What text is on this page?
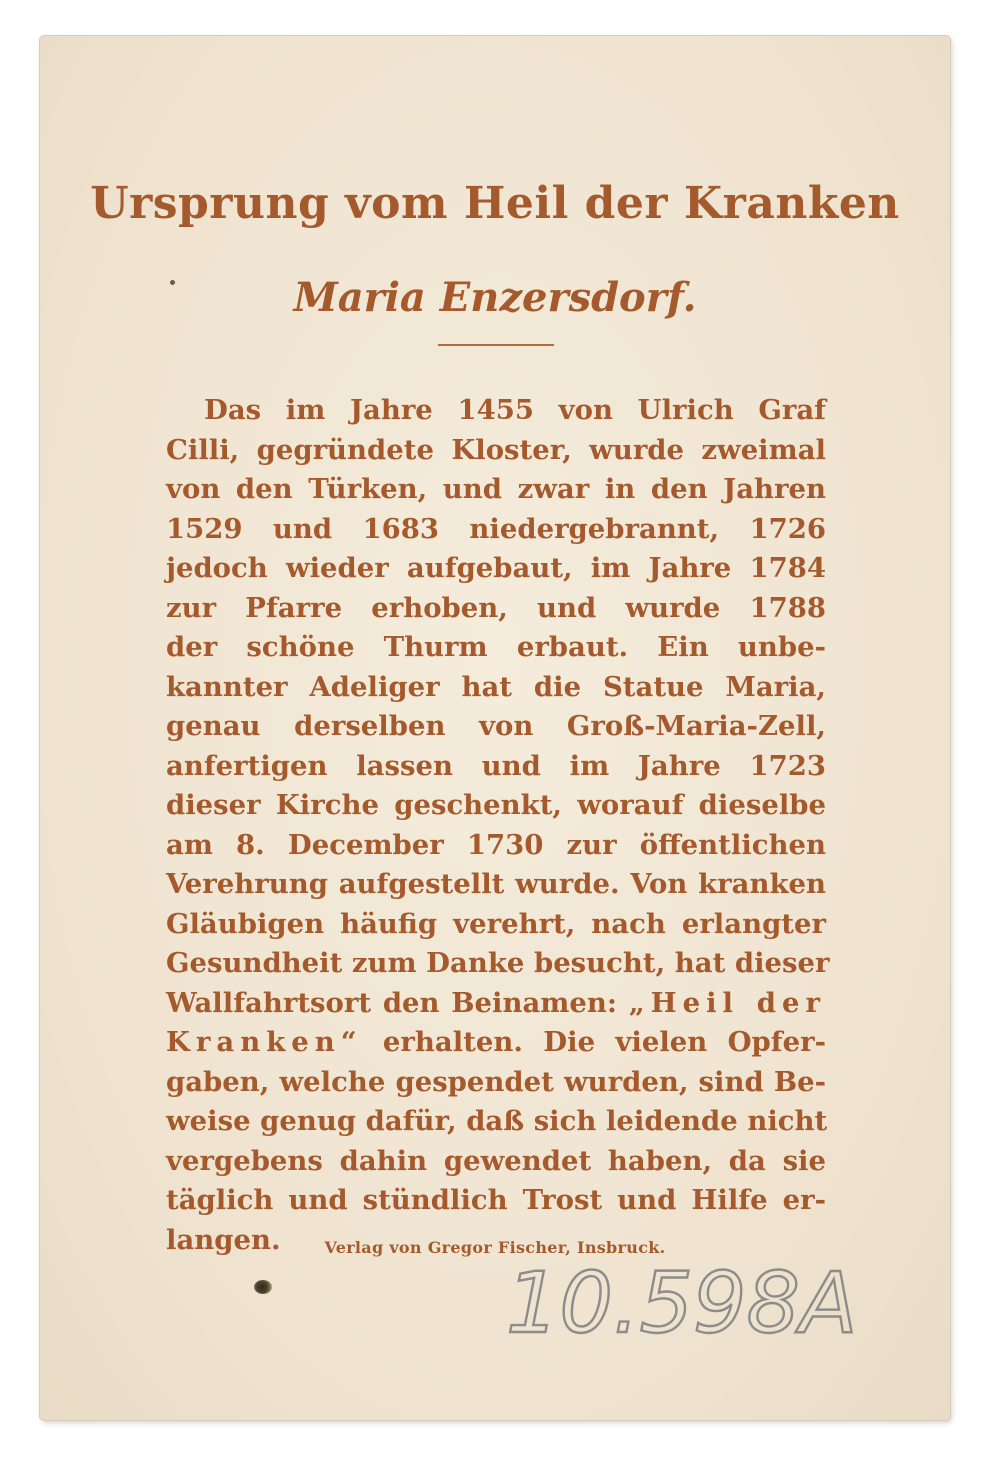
Ursprung vom Heil der Kranken
Maria Enzersdorf.
Das im Jahre 1455 von Ulrich Graf
Cilli, gegründete Kloster, wurde zweimal
von den Türken, und zwar in den Jahren
1529 und 1683 niedergebrannt, 1726
jedoch wieder aufgebaut, im Jahre 1784
zur Pfarre erhoben, und wurde 1788
der schöne Thurm erbaut. Ein unbe-
kannter Adeliger hat die Statue Maria,
genau derselben von Groß-Maria-Zell,
anfertigen lassen und im Jahre 1723
dieser Kirche geschenkt, worauf dieselbe
am 8. December 1730 zur öffentlichen
Verehrung aufgestellt wurde. Von kranken
Gläubigen häufig verehrt, nach erlangter
Gesundheit zum Danke besucht, hat dieser
Wallfahrtsort den Beinamen: „Heil der
Kranken“ erhalten. Die vielen Opfer-
gaben, welche gespendet wurden, sind Be-
weise genug dafür, daß sich leidende nicht
vergebens dahin gewendet haben, da sie
täglich und stündlich Trost und Hilfe er-
langen.
10.598A
Verlag von Gregor Fischer, Insbruck.
